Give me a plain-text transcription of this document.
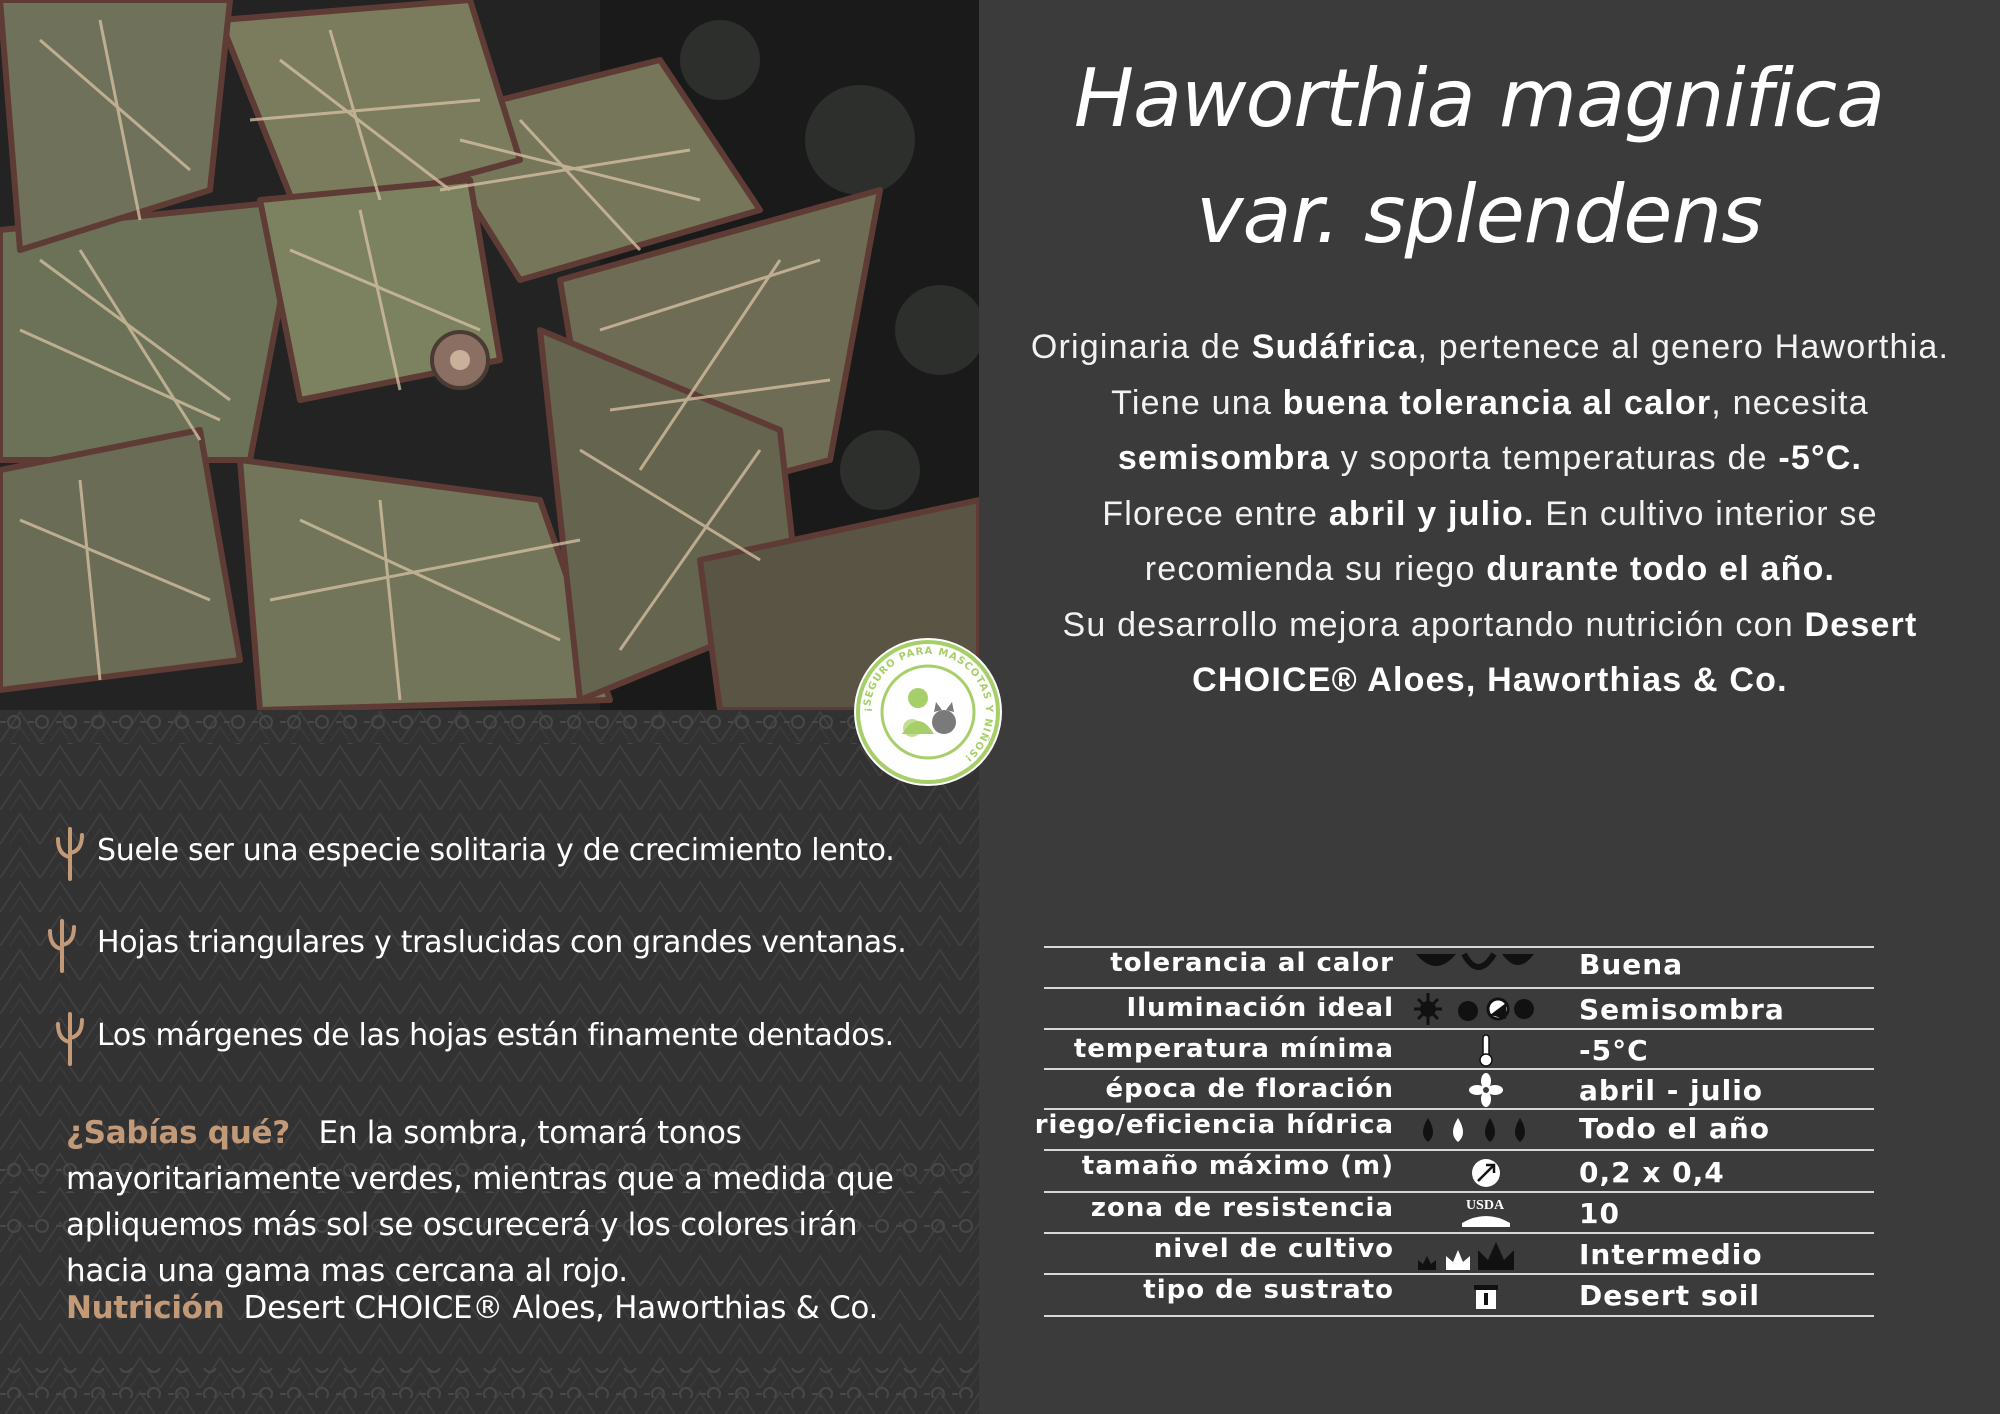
Suele ser una especie solitaria y de crecimiento lento.
Hojas triangulares y traslucidas con grandes ventanas.
Los márgenes de las hojas están finamente dentados.
¿Sabías qué? En la sombra, tomará tonos mayoritariamente verdes, mientras que a medida que apliquemos más sol se oscurecerá y los colores irán hacia una gama mas cercana al rojo.
Nutrición Desert CHOICE® Aloes, Haworthias & Co.
¡SEGURO PARA MASCOTAS Y NIÑOS!
Haworthia magnifica
var. splendens
Originaria de Sudáfrica, pertenece al genero Haworthia.
Tiene una buena tolerancia al calor, necesita semisombra y soporta temperaturas de -5°C.
Florece entre abril y julio. En cultivo interior se recomienda su riego durante todo el año.
Su desarrollo mejora aportando nutrición con Desert CHOICE® Aloes, Haworthias & Co.
tolerancia al calor	Buena
Iluminación ideal	Semisombra
temperatura mínima	-5°C
época de floración	abril - julio
riego/eficiencia hídrica	Todo el año
tamaño máximo (m)	0,2 x 0,4
zona de resistencia	USDA	10
nivel de cultivo	Intermedio
tipo de sustrato	Desert soil
